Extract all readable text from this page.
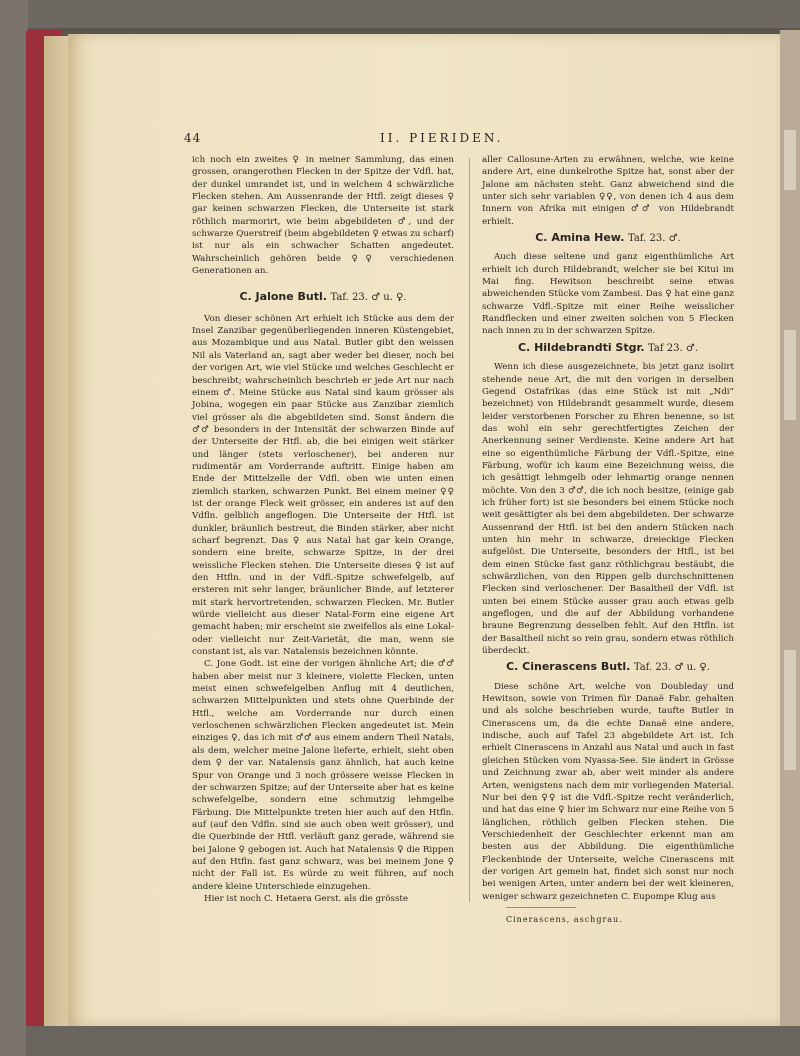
44	II. PIERIDEN.

ich noch ein zweites ♀ in meiner Sammlung, das einen grossen, orangerothen Flecken in der Spitze der Vdfl. hat, der dunkel umrandet ist, und in welchem 4 schwärzliche Flecken stehen. Am Aussenrande der Htfl. zeigt dieses ♀ gar keinen schwarzen Flecken, die Unterseite ist stark röthlich marmorirt, wie beim abgebildeten ♂, und der schwarze Querstreif (beim abgebildeten ♀ etwas zu scharf) ist nur als ein schwacher Schatten angedeutet. Wahrscheinlich gehören beide ♀♀ verschiedenen Generationen an.

C. Jalone Butl. Taf. 23. ♂ u. ♀.

Von dieser schönen Art erhielt ich Stücke aus dem der Insel Zanzibar gegenüberliegenden inneren Küstengebiet, aus Mozambique und aus Natal. Butler gibt den weissen Nil als Vaterland an, sagt aber weder bei dieser, noch bei der vorigen Art, wie viel Stücke und welches Geschlecht er beschreibt; wahrscheinlich beschrieb er jede Art nur nach einem ♂. Meine Stücke aus Natal sind kaum grösser als Jobina, wogegen ein paar Stücke aus Zanzibar ziemlich viel grösser als die abgebildeten sind. Sonst ändern die ♂♂ besonders in der Intensität der schwarzen Binde auf der Unterseite der Htfl. ab, die bei einigen weit stärker und länger (stets verloschener), bei anderen nur rudimentär am Vorderrande auftritt. Einige haben am Ende der Mittelzelle der Vdfl. oben wie unten einen ziemlich starken, schwarzen Punkt. Bei einem meiner ♀♀ ist der orange Fleck weit grösser, ein anderes ist auf den Vdfln. gelblich angeflogen. Die Unterseite der Htfl. ist dunkler, bräunlich bestreut, die Binden stärker, aber nicht scharf begrenzt. Das ♀ aus Natal hat gar kein Orange, sondern eine breite, schwarze Spitze, in der drei weissliche Flecken stehen. Die Unterseite dieses ♀ ist auf den Htfln. und in der Vdfl.-Spitze schwefelgelb, auf ersteren mit sehr langer, bräunlicher Binde, auf letzterer mit stark hervortretenden, schwarzen Flecken. Mr. Butler würde vielleicht aus dieser Natal-Form eine eigene Art gemacht haben; mir erscheint sie zweifellos als eine Lokal- oder vielleicht nur Zeit-Varietät, die man, wenn sie constant ist, als var. Natalensis bezeichnen könnte.

C. Jone Godt. ist eine der vorigen ähnliche Art; die ♂♂ haben aber meist nur 3 kleinere, violette Flecken, unten meist einen schwefelgelben Anflug mit 4 deutlichen, schwarzen Mittelpunkten und stets ohne Querbinde der Htfl., welche am Vorderrande nur durch einen verloschenen schwärzlichen Flecken angedeutet ist. Mein einziges ♀, das ich mit ♂♂ aus einem andern Theil Natals, als dem, welcher meine Jalone lieferte, erhielt, sieht oben dem ♀ der var. Natalensis ganz ähnlich, hat auch keine Spur von Orange und 3 noch grössere weisse Flecken in der schwarzen Spitze; auf der Unterseite aber hat es keine schwefelgelbe, sondern eine schmutzig lehmgelbe Färbung. Die Mittelpunkte treten hier auch auf den Htfln. auf (auf den Vdfln. sind sie auch oben weit grösser), und die Querbinde der Htfl. verläuft ganz gerade, während sie bei Jalone ♀ gebogen ist. Auch hat Natalensis ♀ die Rippen auf den Htfln. fast ganz schwarz, was bei meinem Jone ♀ nicht der Fall ist. Es würde zu weit führen, auf noch andere kleine Unterschiede einzugehen.

Hier ist noch C. Hetaera Gerst. als die grösste

aller Callosune-Arten zu erwähnen, welche, wie keine andere Art, eine dunkelrothe Spitze hat, sonst aber der Jalone am nächsten steht. Ganz abweichend sind die unter sich sehr variablen ♀♀, von denen ich 4 aus dem Innern von Afrika mit einigen ♂♂ von Hildebrandt erhielt.

C. Amina Hew. Taf. 23. ♂.

Auch diese seltene und ganz eigenthümliche Art erhielt ich durch Hildebrandt, welcher sie bei Kitui im Mai fing. Hewitson beschreibt seine etwas abweichenden Stücke vom Zambesi. Das ♀ hat eine ganz schwarze Vdfl.-Spitze mit einer Reihe weisslicher Randflecken und einer zweiten solchen von 5 Flecken nach innen zu in der schwarzen Spitze.

C. Hildebrandti Stgr. Taf 23. ♂.

Wenn ich diese ausgezeichnete, bis jetzt ganz isolirt stehende neue Art, die mit den vorigen in derselben Gegend Ostafrikas (das eine Stück ist mit „Ndi“ bezeichnet) von Hildebrandt gesammelt wurde, diesem leider verstorbenen Forscher zu Ehren benenne, so ist das wohl ein sehr gerechtfertigtes Zeichen der Anerkennung seiner Verdienste. Keine andere Art hat eine so eigenthümliche Färbung der Vdfl.-Spitze, eine Färbung, wofür ich kaum eine Bezeichnung weiss, die ich gesättigt lehmgelb oder lehmartig orange nennen möchte. Von den 3 ♂♂, die ich noch besitze, (einige gab ich früher fort) ist sie besonders bei einem Stücke noch weit gesättigter als bei dem abgebildeten. Der schwarze Aussenrand der Htfl. ist bei den andern Stücken nach unten hin mehr in schwarze, dreieckige Flecken aufgelöst. Die Unterseite, besonders der Htfl., ist bei dem einen Stücke fast ganz röthlichgrau bestäubt, die schwärzlichen, von den Rippen gelb durchschnittenen Flecken sind verloschener. Der Basaltheil der Vdfl. ist unten bei einem Stücke ausser grau auch etwas gelb angeflogen, und die auf der Abbildung vorhandene braune Begrenzung desselben fehlt. Auf den Htfln. ist der Basaltheil nicht so rein grau, sondern etwas röthlich überdeckt.

C. Cinerascens Butl. Taf. 23. ♂ u. ♀.

Diese schöne Art, welche von Doubleday und Hewitson, sowie von Trimen für Danaë Fabr. gehalten und als solche beschrieben wurde, taufte Butler in Cinerascens um, da die echte Danaë eine andere, indische, auch auf Tafel 23 abgebildete Art ist. Ich erhielt Cinerascens in Anzahl aus Natal und auch in fast gleichen Stücken vom Nyassa-See. Sie ändert in Grösse und Zeichnung zwar ab, aber weit minder als andere Arten, wenigstens nach dem mir vorliegenden Material. Nur bei den ♀♀ ist die Vdfl.-Spitze recht veränderlich, und hat das eine ♀ hier im Schwarz nur eine Reihe von 5 länglichen, röthlich gelben Flecken stehen. Die Verschiedenheit der Geschlechter erkennt man am besten aus der Abbildung. Die eigenthümliche Fleckenbinde der Unterseite, welche Cinerascens mit der vorigen Art gemein hat, findet sich sonst nur noch bei wenigen Arten, unter andern bei der weit kleineren, weniger schwarz gezeichneten C. Eupompe Klug aus

Cinerascens, aschgrau.
